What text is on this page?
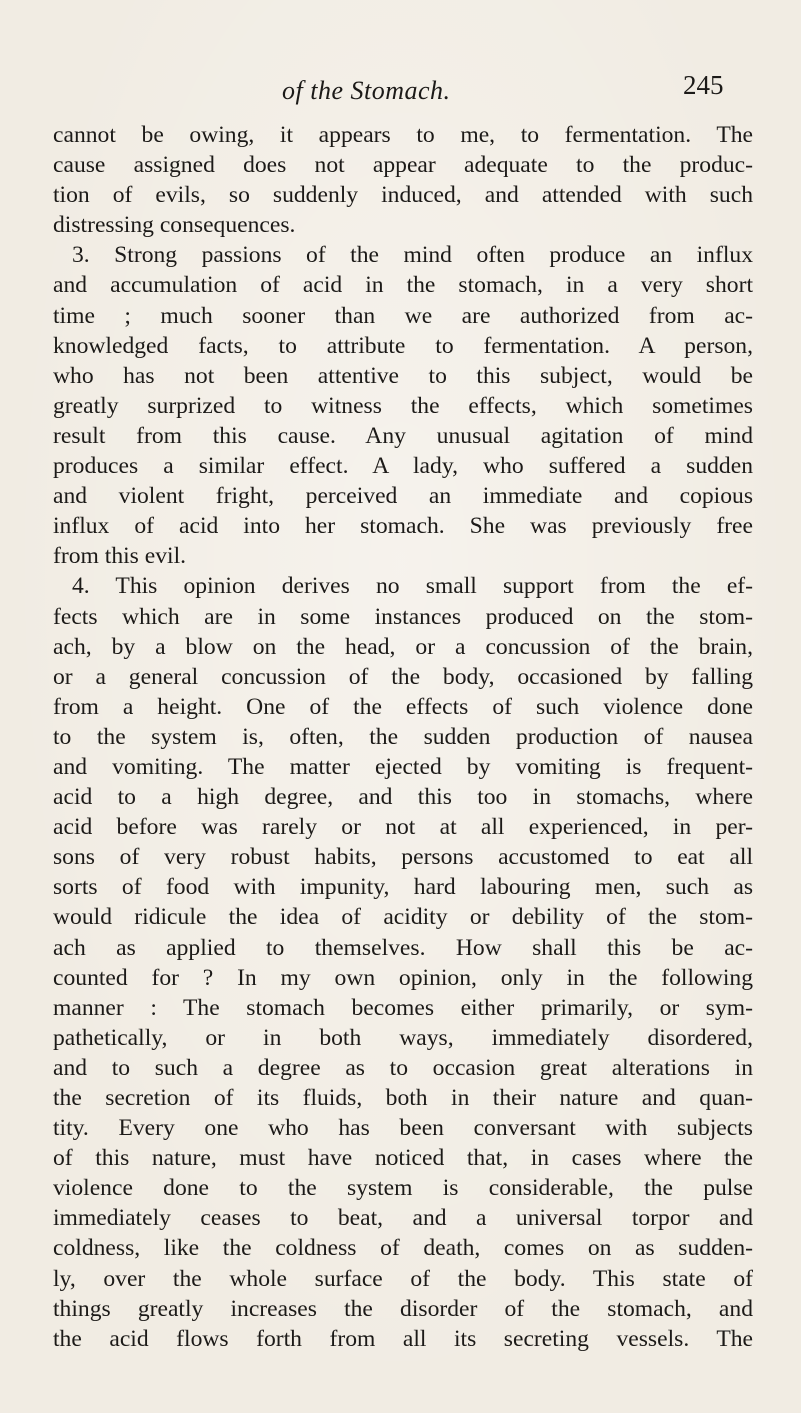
of the Stomach.	245
cannot be owing, it appears to me, to fermentation. The
cause assigned does not appear adequate to the produc-
tion of evils, so suddenly induced, and attended with such
distressing consequences.
3. Strong passions of the mind often produce an influx
and accumulation of acid in the stomach, in a very short
time ; much sooner than we are authorized from ac-
knowledged facts, to attribute to fermentation. A person,
who has not been attentive to this subject, would be
greatly surprized to witness the effects, which sometimes
result from this cause. Any unusual agitation of mind
produces a similar effect. A lady, who suffered a sudden
and violent fright, perceived an immediate and copious
influx of acid into her stomach. She was previously free
from this evil.
4. This opinion derives no small support from the ef-
fects which are in some instances produced on the stom-
ach, by a blow on the head, or a concussion of the brain,
or a general concussion of the body, occasioned by falling
from a height. One of the effects of such violence done
to the system is, often, the sudden production of nausea
and vomiting. The matter ejected by vomiting is frequent-
acid to a high degree, and this too in stomachs, where
acid before was rarely or not at all experienced, in per-
sons of very robust habits, persons accustomed to eat all
sorts of food with impunity, hard labouring men, such as
would ridicule the idea of acidity or debility of the stom-
ach as applied to themselves. How shall this be ac-
counted for ? In my own opinion, only in the following
manner : The stomach becomes either primarily, or sym-
pathetically, or in both ways, immediately disordered,
and to such a degree as to occasion great alterations in
the secretion of its fluids, both in their nature and quan-
tity. Every one who has been conversant with subjects
of this nature, must have noticed that, in cases where the
violence done to the system is considerable, the pulse
immediately ceases to beat, and a universal torpor and
coldness, like the coldness of death, comes on as sudden-
ly, over the whole surface of the body. This state of
things greatly increases the disorder of the stomach, and
the acid flows forth from all its secreting vessels. The
